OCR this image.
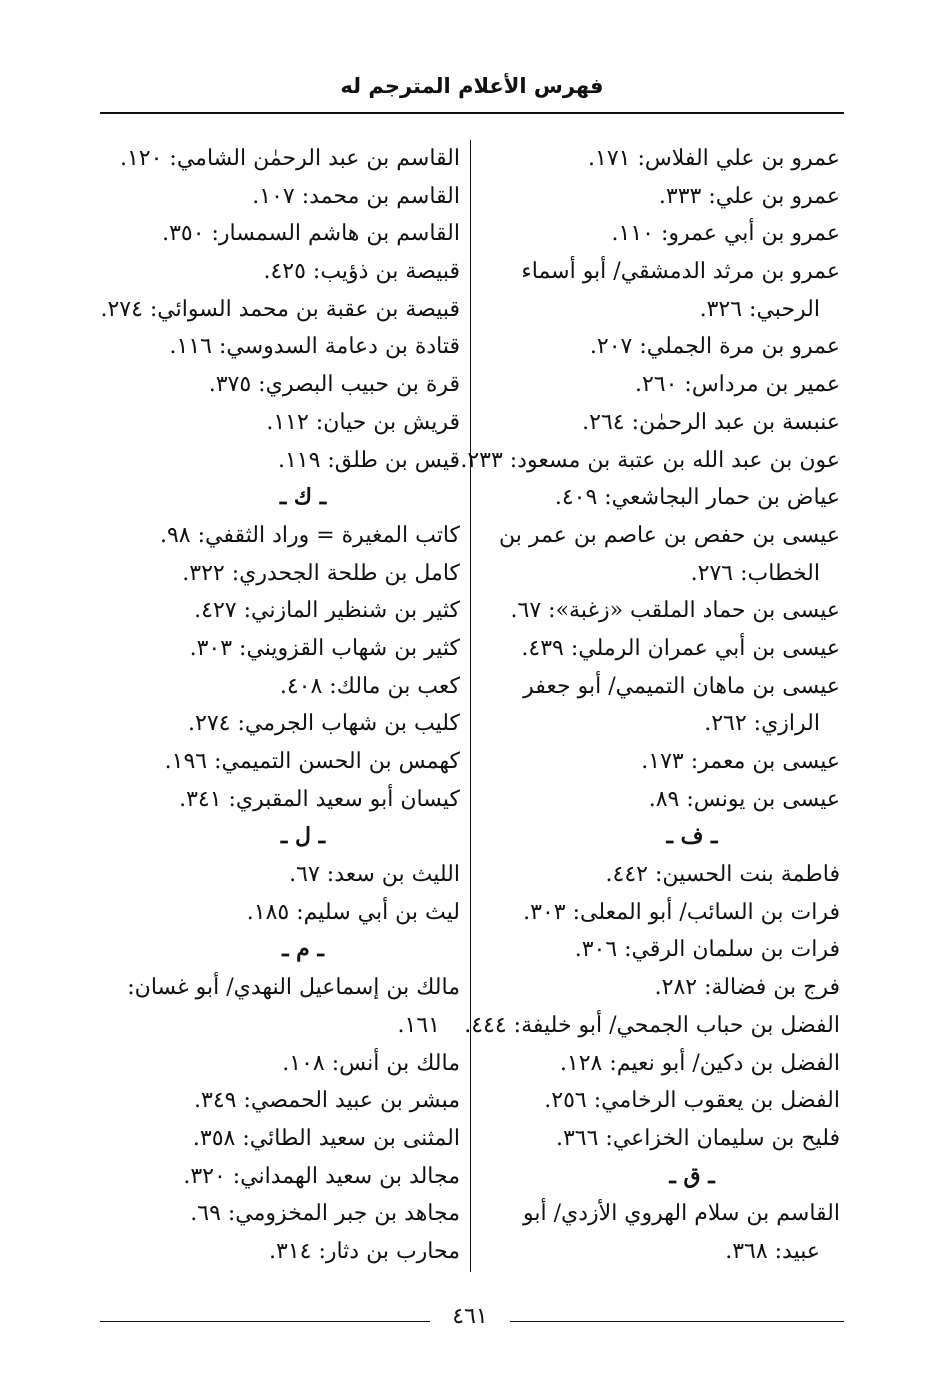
فهرس الأعلام المترجم له
عمرو بن علي الفلاس: ١٧١.
عمرو بن علي: ٣٣٣.
عمرو بن أبي عمرو: ١١٠.
عمرو بن مرثد الدمشقي/ أبو أسماء
الرحبي: ٣٢٦.
عمرو بن مرة الجملي: ٢٠٧.
عمير بن مرداس: ٢٦٠.
عنبسة بن عبد الرحمٰن: ٢٦٤.
عون بن عبد الله بن عتبة بن مسعود: ٢٣٣.
عياض بن حمار البجاشعي: ٤٠٩.
عيسى بن حفص بن عاصم بن عمر بن
الخطاب: ٢٧٦.
عيسى بن حماد الملقب «زغبة»: ٦٧.
عيسى بن أبي عمران الرملي: ٤٣٩.
عيسى بن ماهان التميمي/ أبو جعفر
الرازي: ٢٦٢.
عيسى بن معمر: ١٧٣.
عيسى بن يونس: ٨٩.
ـ ف ـ
فاطمة بنت الحسين: ٤٤٢.
فرات بن السائب/ أبو المعلى: ٣٠٣.
فرات بن سلمان الرقي: ٣٠٦.
فرج بن فضالة: ٢٨٢.
الفضل بن حباب الجمحي/ أبو خليفة: ٤٤٤.
الفضل بن دكين/ أبو نعيم: ١٢٨.
الفضل بن يعقوب الرخامي: ٢٥٦.
فليح بن سليمان الخزاعي: ٣٦٦.
ـ ق ـ
القاسم بن سلام الهروي الأزدي/ أبو
عبيد: ٣٦٨.
القاسم بن عبد الرحمٰن الشامي: ١٢٠.
القاسم بن محمد: ١٠٧.
القاسم بن هاشم السمسار: ٣٥٠.
قبيصة بن ذؤيب: ٤٢٥.
قبيصة بن عقبة بن محمد السوائي: ٢٧٤.
قتادة بن دعامة السدوسي: ١١٦.
قرة بن حبيب البصري: ٣٧٥.
قريش بن حيان: ١١٢.
قيس بن طلق: ١١٩.
ـ ك ـ
كاتب المغيرة = وراد الثقفي: ٩٨.
كامل بن طلحة الجحدري: ٣٢٢.
كثير بن شنظير المازني: ٤٢٧.
كثير بن شهاب القزويني: ٣٠٣.
كعب بن مالك: ٤٠٨.
كليب بن شهاب الجرمي: ٢٧٤.
كهمس بن الحسن التميمي: ١٩٦.
كيسان أبو سعيد المقبري: ٣٤١.
ـ ل ـ
الليث بن سعد: ٦٧.
ليث بن أبي سليم: ١٨٥.
ـ م ـ
مالك بن إسماعيل النهدي/ أبو غسان:
١٦١.
مالك بن أنس: ١٠٨.
مبشر بن عبيد الحمصي: ٣٤٩.
المثنى بن سعيد الطائي: ٣٥٨.
مجالد بن سعيد الهمداني: ٣٢٠.
مجاهد بن جبر المخزومي: ٦٩.
محارب بن دثار: ٣١٤.
٤٦١
